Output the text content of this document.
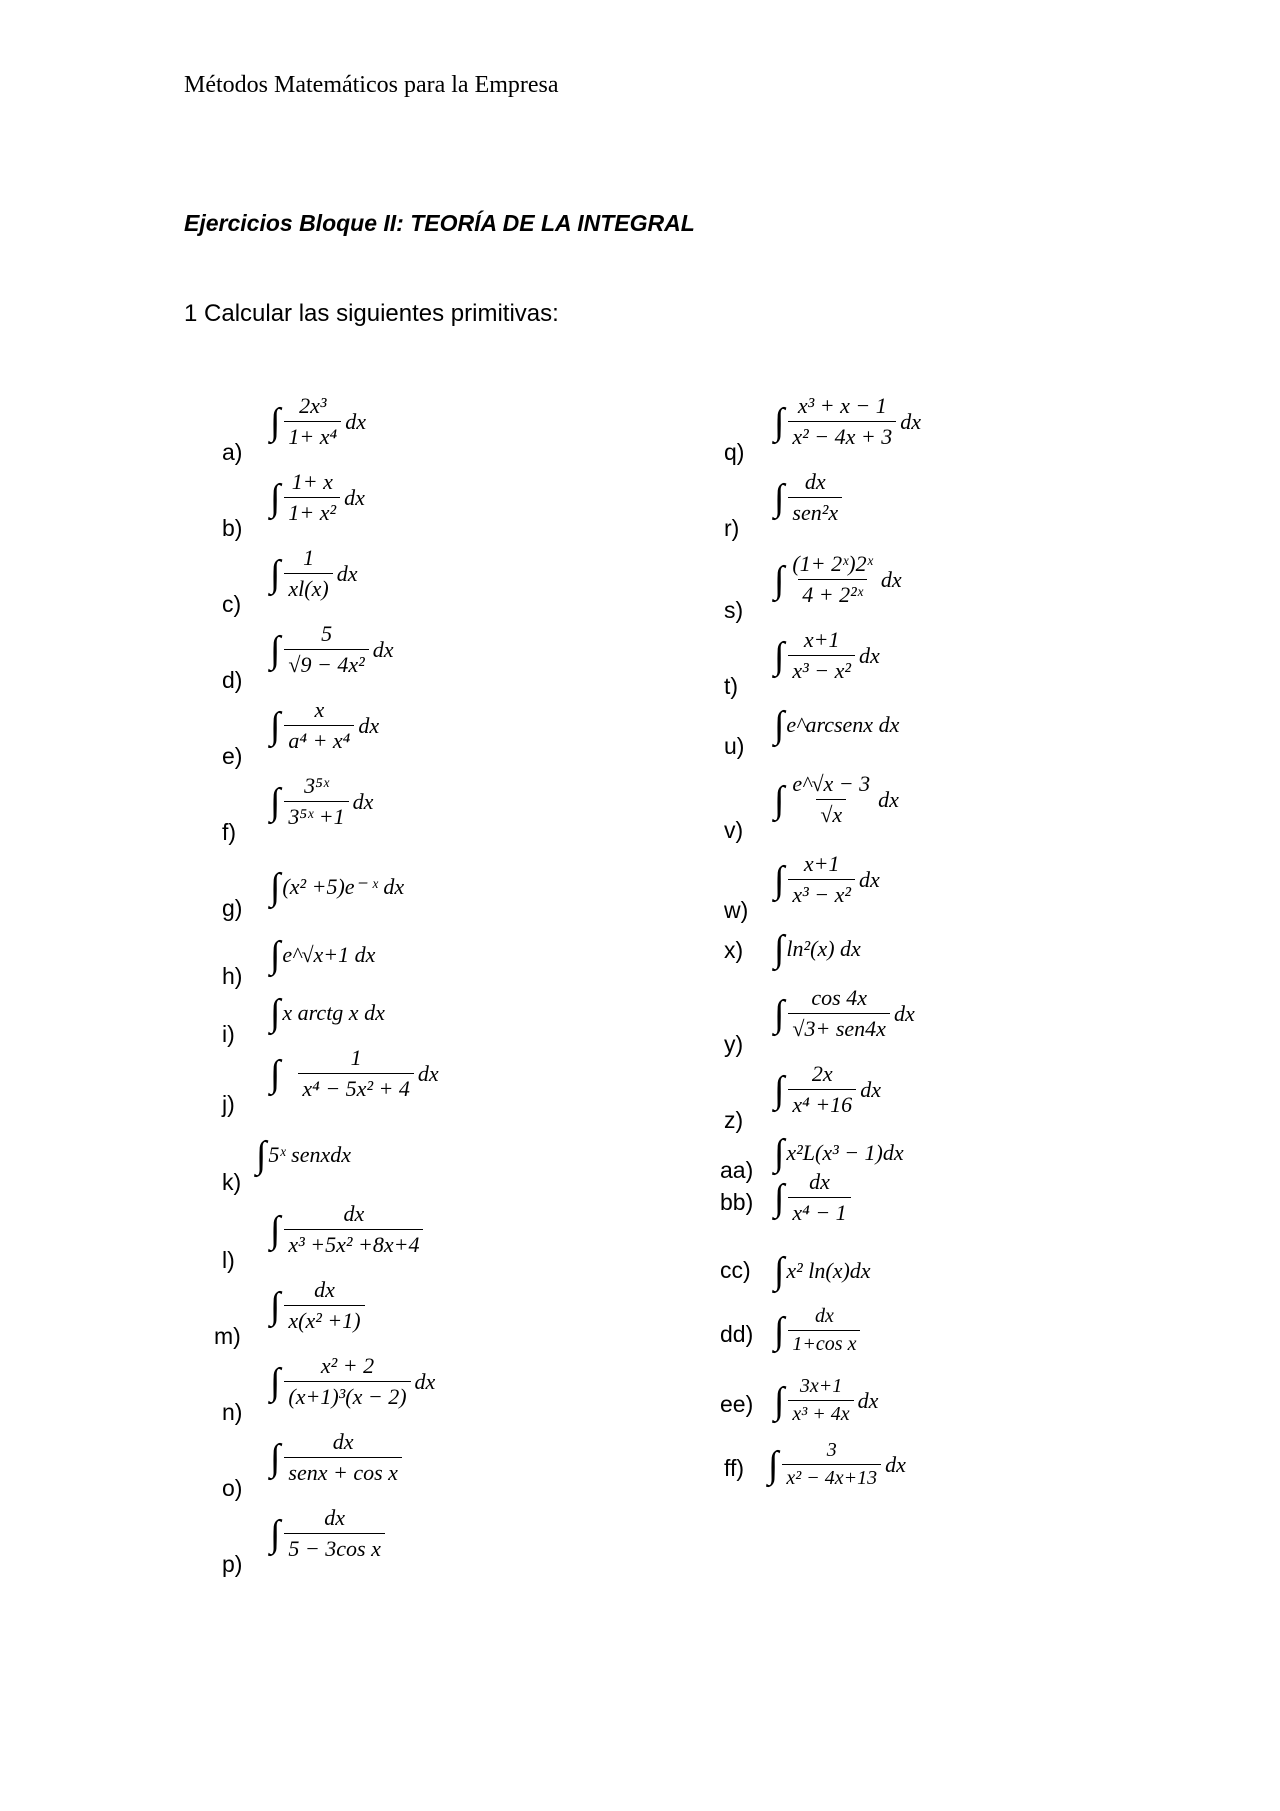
Métodos Matemáticos para la Empresa
Ejercicios Bloque II: TEORÍA DE LA INTEGRAL
1 Calcular las siguientes primitivas:
a)
∫ $\frac{\text{2x³}}{\text{1+ x⁴}}$ dx
b)
∫ $\frac{1+ x}{\text{1+ x²}}$ dx
c)
∫ $\frac{1}{xl(x)}$ dx
d)
∫ $\frac{5}{\text{√9 − 4x²}}$ dx
e)
∫ $\frac{x}{\text{a⁴ + x⁴}}$ dx
f)
∫ $\frac{\text{3⁵ˣ}}{\text{3⁵ˣ +1}}$ dx
g) ∫ (x² +5)e⁻ ˣ dx
h) ∫ e^√x+1 dx
i) ∫ x arctg x dx
j)
∫ $\frac{1}{\text{x⁴ − 5x² + 4}}$ dx
k)
∫ 5ˣ senxdx
l)
∫ $\frac{dx}{\text{x³ +5x² +8x+4}}$
m)
∫ $\frac{dx}{\text{x(x² +1)}}$
n)
∫ $\frac{\text{x² + 2}}{\text{(x+1)³(x − 2)}}$ dx
o)
∫ $\frac{dx}{\text{senx + cos x}}$
p)
∫ $\frac{dx}{\text{5 − 3cos x}}$
q)
∫ $\frac{\text{x³ + x − 1}}{\text{x² − 4x + 3}}$ dx
r)
∫ $\frac{dx}{\text{sen²x}}$
s)
∫ $\frac{\text{(1+ 2ˣ)2ˣ}}{\text{4 + 2²ˣ}}$ dx
t)
∫ $\frac{x+1}{\text{x³ − x²}}$ dx
u) ∫ e^arcsenx dx
v)
∫ $\frac{e\^{}√x - 3}{√x}$ dx
w)
∫ $\frac{x+1}{\text{x³ − x²}}$ dx
x) ∫ ln²(x) dx
y)
∫ $\frac{\cos 4x}{\text{√3+ sen4x}}$ dx
z)
∫ $\frac{2x}{\text{x⁴ +16}}$ dx
aa) ∫ x²L(x³ − 1)dx
bb) ∫ $\frac{dx}{\text{x⁴ − 1}}$
cc) ∫ x² ln(x)dx
dd) ∫ $\frac{dx}{\text{1+cos x}}$
ee) ∫ $\frac{3x+1}{\text{x³ + 4x}}$ dx
ff) ∫ $\frac{3}{\text{x² − 4x+13}}$ dx
